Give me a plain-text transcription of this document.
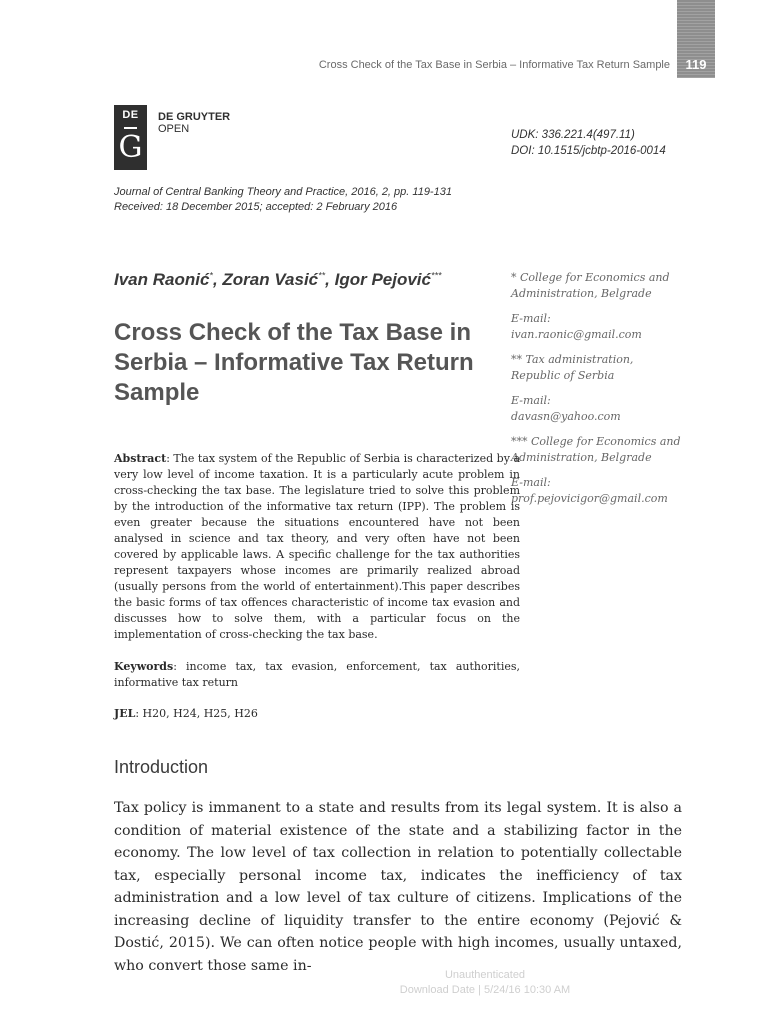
119
Cross Check of the Tax Base in Serbia – Informative Tax Return Sample
DE
G
DE GRUYTER
OPEN	UDK: 336.221.4(497.11)
DOI: 10.1515/jcbtp-2016-0014
Journal of Central Banking Theory and Practice, 2016, 2, pp. 119-131
Received: 18 December 2015; accepted: 2 February 2016
Ivan Raonić*, Zoran Vasić**, Igor Pejović***
Cross Check of the Tax Base in Serbia – Informative Tax Return Sample
* College for Economics and
Administration, Belgrade
E-mail:
ivan.raonic@gmail.com
** Tax administration,
Republic of Serbia
E-mail:
davasn@yahoo.com
*** College for Economics and
Administration, Belgrade
E-mail:
prof.pejovicigor@gmail.com
Abstract: The tax system of the Republic of Serbia is characterized by a very low level of income taxation. It is a particularly acute problem in cross-checking the tax base. The legislature tried to solve this problem by the introduction of the informative tax return (IPP). The problem is even greater because the situations encountered have not been analysed in science and tax theory, and very often have not been covered by applicable laws. A specific challenge for the tax authorities represent taxpayers whose incomes are primarily realized abroad (usually persons from the world of entertainment).This paper describes the basic forms of tax offences characteristic of income tax evasion and discusses how to solve them, with a particular focus on the implementation of cross-checking the tax base.
Keywords: income tax, tax evasion, enforcement, tax authorities, informative tax return
JEL: H20, H24, H25, H26
Introduction
Tax policy is immanent to a state and results from its legal system. It is also a condition of material existence of the state and a stabilizing factor in the economy. The low level of tax collection in relation to potentially collectable tax, especially personal income tax, indicates the inefficiency of tax administration and a low level of tax culture of citizens. Implications of the increasing decline of liquidity transfer to the entire economy (Pejović & Dostić, 2015). We can often notice people with high incomes, usually untaxed, who convert those same in-
Unauthenticated
Download Date | 5/24/16 10:30 AM
